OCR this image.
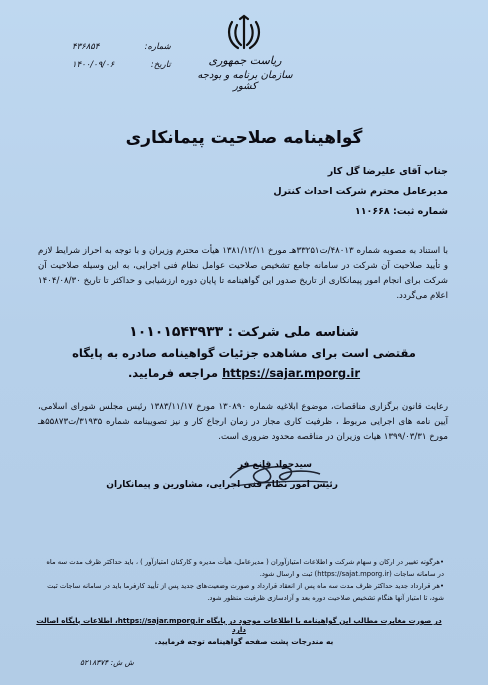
شماره: ۴۳۶۸۵۴
تاریخ: ۱۴۰۰/۰۹/۰۶	ریاست جمهوری
سازمان برنامه و بودجه کشور
گواهینامه صلاحیت پیمانکاری
جناب آقای علیرضا گل کار
مدیرعامل محترم شرکت احداث کنترل
شماره ثبت: ۱۱۰۶۶۸
با استناد به مصوبه شماره ۴۸۰۱۳/ت۳۳۲۵۱هـ مورخ ۱۳۸۱/۱۲/۱۱ هیأت محترم وزیران و با توجه به احراز شرایط لازم و تأیید صلاحیت آن شرکت در سامانه جامع تشخیص صلاحیت عوامل نظام فنی اجرایی، به این وسیله صلاحیت آن شرکت برای انجام امور پیمانکاری از تاریخ صدور این گواهینامه تا پایان دوره ارزشیابی و حداکثر تا تاریخ ۱۴۰۴/۰۸/۳۰ اعلام می‌گردد.
شناسه ملی شرکت : ۱۰۱۰۱۵۴۳۹۳۳
مقتضی است برای مشاهده جزئیات گواهینامه صادره به پایگاه
https://sajar.mporg.ir مراجعه فرمایید.
رعایت قانون برگزاری مناقصات، موضوع ابلاغیه شماره ۱۳۰۸۹۰ مورخ ۱۳۸۳/۱۱/۱۷ رئیس مجلس شورای اسلامی، آیین نامه های اجرایی مربوط ، ظرفیت کاری مجاز در زمان ارجاع کار و نیز تصویبنامه شماره ۳۱۹۳۵/ت۵۵۸۷۳هـ مورخ ۱۳۹۹/۰۳/۳۱ هیات وزیران در مناقصه محدود ضروری است.
سیدجواد قانع فر
رئیس امور نظام فنی اجرایی، مشاورین و پیمانکاران
•هرگونه تغییر در ارکان و سهام شرکت و اطلاعات امتیازآوران ( مدیرعامل، هیأت مدیره و کارکنان امتیازآور ) ، باید حداکثر ظرف مدت سه ماه در سامانه ساجات (https://sajat.mporg.ir) ثبت و ارسال شود.
•هر قرارداد جدید حداکثر ظرف مدت سه ماه پس از انعقاد قرارداد و صورت وضعیت‌های جدید پس از تأیید کارفرما باید در سامانه ساجات ثبت شود، تا امتیاز آنها هنگام تشخیص صلاحیت دوره بعد و آزادسازی ظرفیت منظور شود.
در صورت مغایرت مطالب این گواهینامه با اطلاعات موجود در پایگاه https://sajar.mporg.ir، اطلاعات پایگاه اصالت دارد
به مندرجات پشت صفحه گواهینامه توجه فرمایید.
ش ش: ۵۲۱۸۳۷۴
